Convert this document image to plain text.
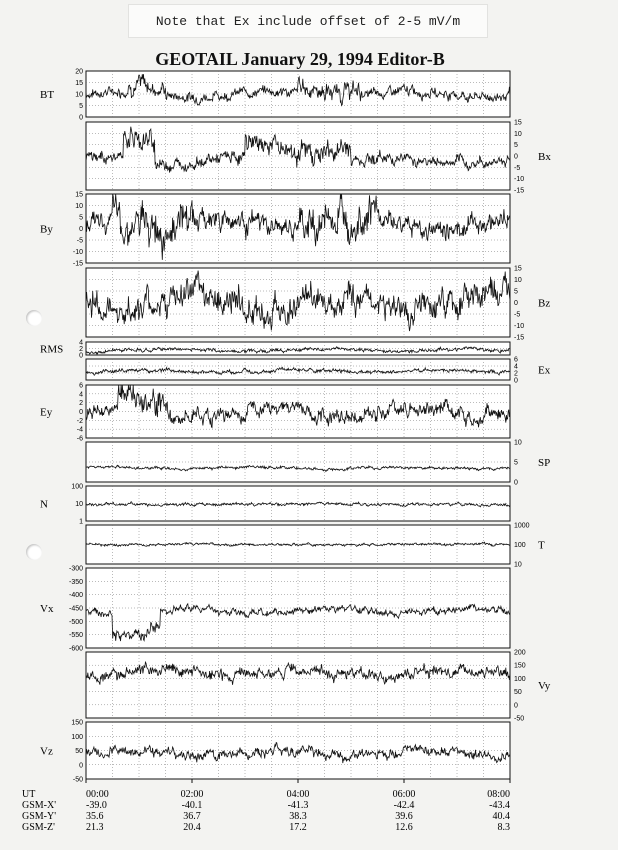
Note that Ex include offset of 2-5 mV/m
GEOTAIL January 29, 1994 Editor-B
0
5
10
15
20
BT
-15
-10
-5
0
5
10
15
Bx
-15
-10
-5
0
5
10
15
By
-15
-10
-5
0
5
10
15
Bz
0
2
4
RMS
0
2
4
6
Ex
-6
-4
-2
0
2
4
6
Ey
0
5
10
SP
1
10
100
N
10
100
1000
T
-600
-550
-500
-450
-400
-350
-300
Vx
-50
0
50
100
150
200
Vy
-50
0
50
100
150
Vz
UT
GSM-X'
GSM-Y'
GSM-Z'
00:00
-39.0
35.6
21.3
02:00
-40.1
36.7
20.4
04:00
-41.3
38.3
17.2
06:00
-42.4
39.6
12.6
08:00
-43.4
40.4
8.3
